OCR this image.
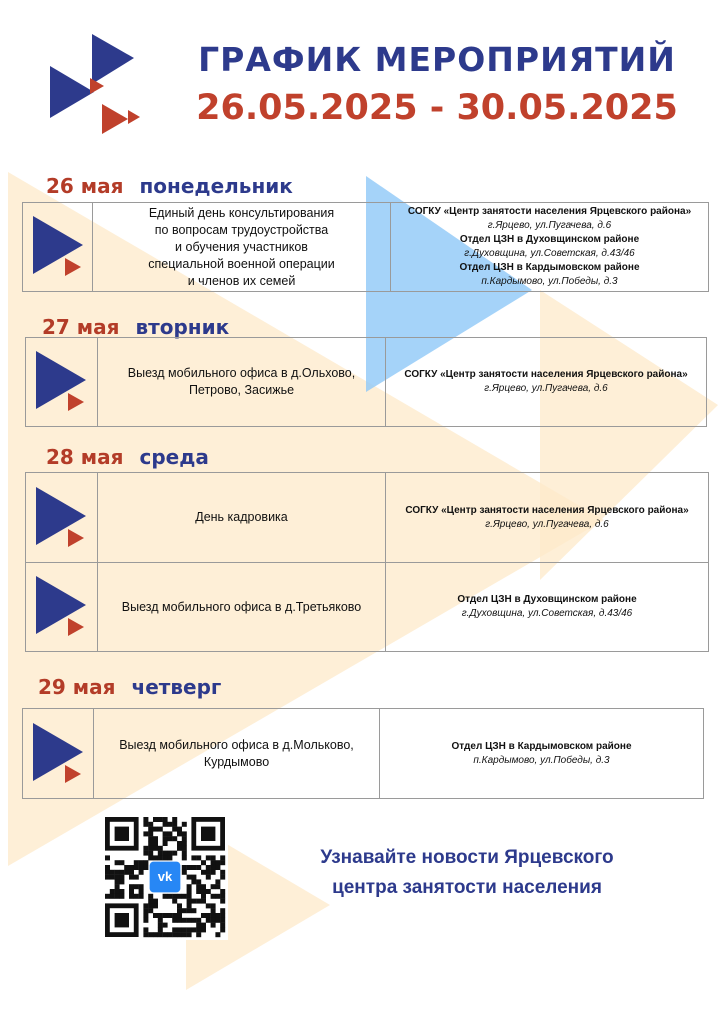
ГРАФИК МЕРОПРИЯТИЙ
26.05.2025 - 30.05.2025
26 мая понедельник
Единый день консультирования
по вопросам трудоустройства
и обучения участников
специальной военной операции
и членов их семей
СОГКУ «Центр занятости населения Ярцевского района»
г.Ярцево, ул.Пугачева, д.6
Отдел ЦЗН в Духовщинском районе
г.Духовщина, ул.Советская, д.43/46
Отдел ЦЗН в Кардымовском районе
п.Кардымово, ул.Победы, д.3
27 мая вторник
Выезд мобильного офиса в д.Ольхово,
Петрово, Засижье
СОГКУ «Центр занятости населения Ярцевского района»
г.Ярцево, ул.Пугачева, д.6
28 мая среда
День кадровика	СОГКУ «Центр занятости населения Ярцевского района»
г.Ярцево, ул.Пугачева, д.6
Выезд мобильного офиса в д.Третьяково	Отдел ЦЗН в Духовщинском районе
г.Духовщина, ул.Советская, д.43/46
29 мая четверг
Выезд мобильного офиса в д.Мольково,
Курдымово
Отдел ЦЗН в Кардымовском районе
п.Кардымово, ул.Победы, д.3
vk
Узнавайте новости Ярцевского
центра занятости населения
